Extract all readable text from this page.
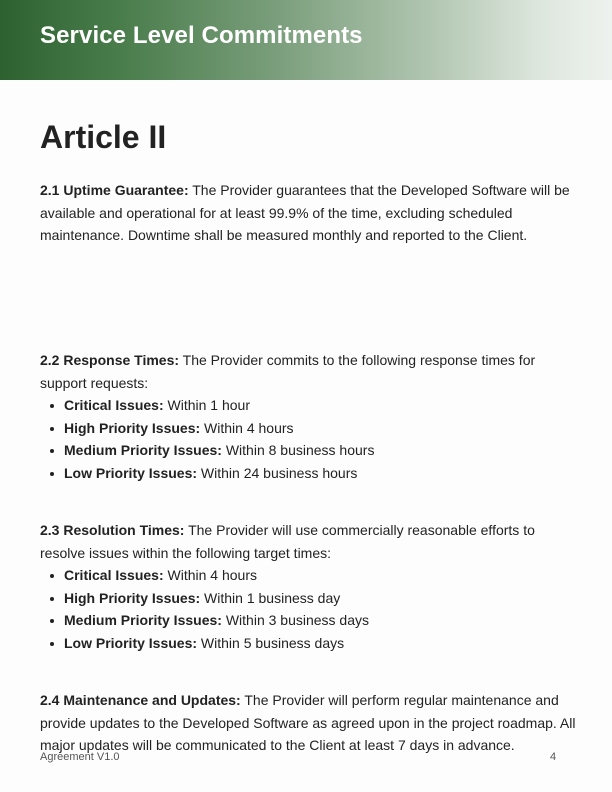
Service Level Commitments
Article II

2.1 Uptime Guarantee: The Provider guarantees that the Developed Software will be available and operational for at least 99.9% of the time, excluding scheduled maintenance. Downtime shall be measured monthly and reported to the Client.

2.2 Response Times: The Provider commits to the following response times for support requests:

Critical Issues: Within 1 hour
High Priority Issues: Within 4 hours
Medium Priority Issues: Within 8 business hours
Low Priority Issues: Within 24 business hours

2.3 Resolution Times: The Provider will use commercially reasonable efforts to resolve issues within the following target times:

Critical Issues: Within 4 hours
High Priority Issues: Within 1 business day
Medium Priority Issues: Within 3 business days
Low Priority Issues: Within 5 business days

2.4 Maintenance and Updates: The Provider will perform regular maintenance and provide updates to the Developed Software as agreed upon in the project roadmap. All major updates will be communicated to the Client at least 7 days in advance.

Agreement V1.0	4
